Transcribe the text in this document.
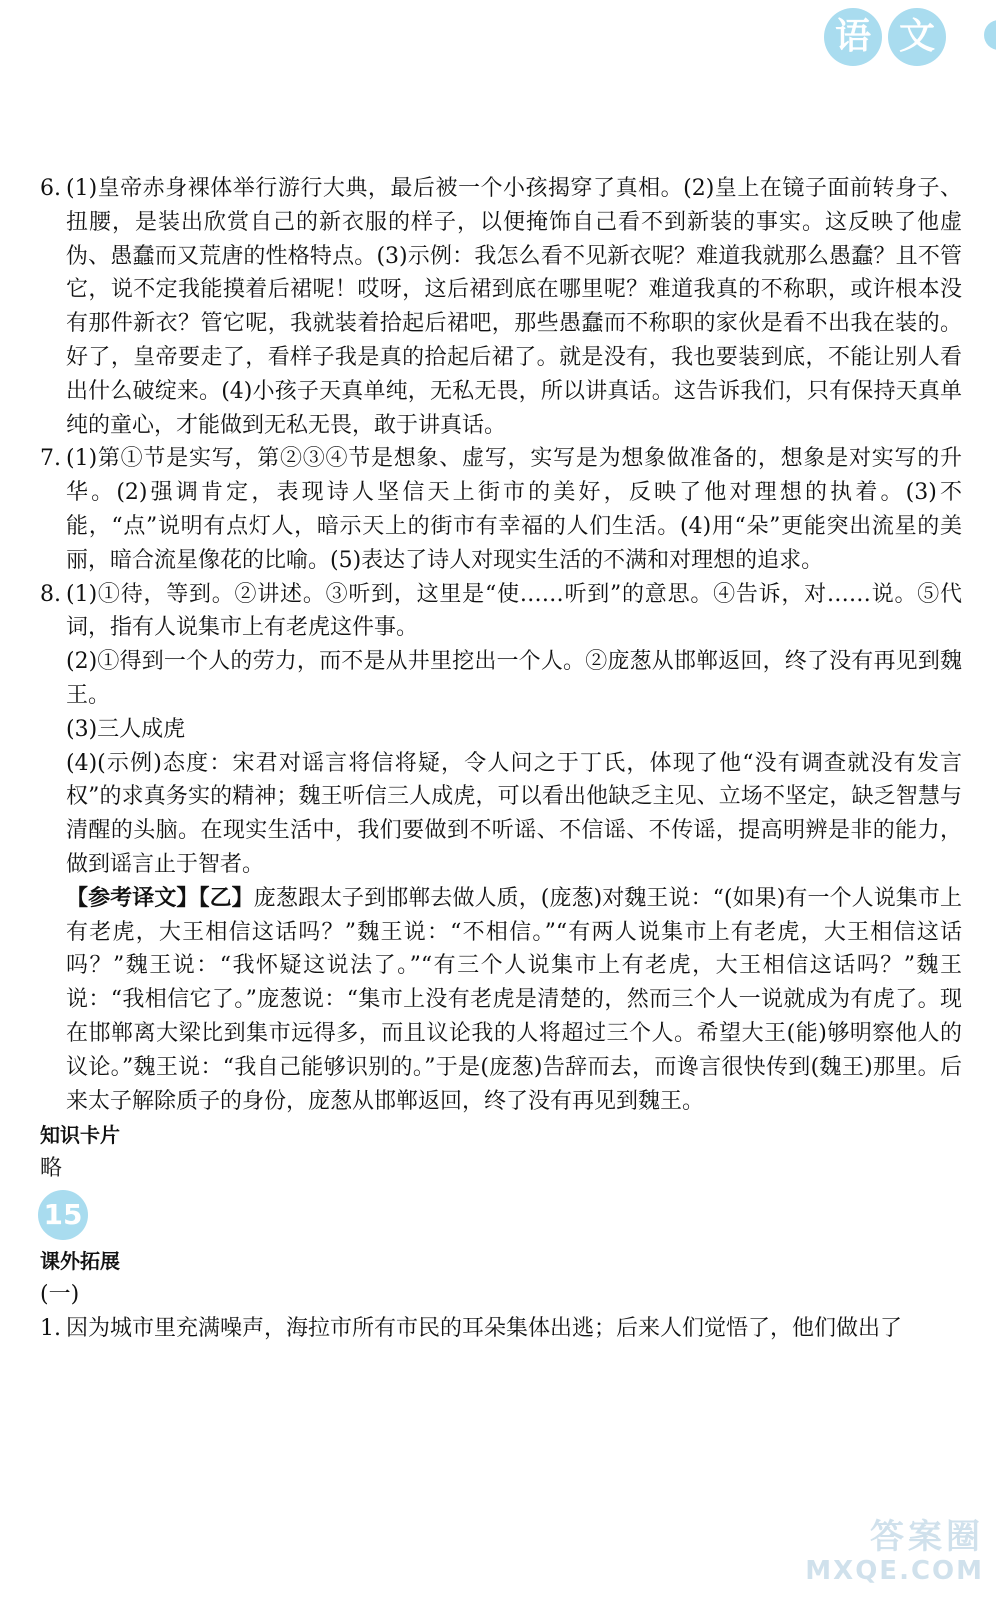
语 文
6. (1)皇帝赤身裸体举行游行大典，最后被一个小孩揭穿了真相。(2)皇上在镜子面前转身子、扭腰，是装出欣赏自己的新衣服的样子，以便掩饰自己看不到新装的事实。这反映了他虚伪、愚蠢而又荒唐的性格特点。(3)示例：我怎么看不见新衣呢？难道我就那么愚蠢？且不管它，说不定我能摸着后裙呢！哎呀，这后裙到底在哪里呢？难道我真的不称职，或许根本没有那件新衣？管它呢，我就装着拾起后裙吧，那些愚蠢而不称职的家伙是看不出我在装的。好了，皇帝要走了，看样子我是真的拾起后裙了。就是没有，我也要装到底，不能让别人看出什么破绽来。(4)小孩子天真单纯，无私无畏，所以讲真话。这告诉我们，只有保持天真单纯的童心，才能做到无私无畏，敢于讲真话。
7. (1)第①节是实写，第②③④节是想象、虚写，实写是为想象做准备的，想象是对实写的升华。(2)强调肯定，表现诗人坚信天上街市的美好，反映了他对理想的执着。(3)不能，“点”说明有点灯人，暗示天上的街市有幸福的人们生活。(4)用“朵”更能突出流星的美丽，暗合流星像花的比喻。(5)表达了诗人对现实生活的不满和对理想的追求。
8. (1)①待，等到。②讲述。③听到，这里是“使……听到”的意思。④告诉，对……说。⑤代词，指有人说集市上有老虎这件事。
(2)①得到一个人的劳力，而不是从井里挖出一个人。②庞葱从邯郸返回，终了没有再见到魏王。
(3)三人成虎
(4)(示例)态度：宋君对谣言将信将疑，令人问之于丁氏，体现了他“没有调查就没有发言权”的求真务实的精神；魏王听信三人成虎，可以看出他缺乏主见、立场不坚定，缺乏智慧与清醒的头脑。在现实生活中，我们要做到不听谣、不信谣、不传谣，提高明辨是非的能力，做到谣言止于智者。
【参考译文】【乙】庞葱跟太子到邯郸去做人质，(庞葱)对魏王说：“(如果)有一个人说集市上有老虎，大王相信这话吗？”魏王说：“不相信。”“有两人说集市上有老虎，大王相信这话吗？”魏王说：“我怀疑这说法了。”“有三个人说集市上有老虎，大王相信这话吗？”魏王说：“我相信它了。”庞葱说：“集市上没有老虎是清楚的，然而三个人一说就成为有虎了。现在邯郸离大梁比到集市远得多，而且议论我的人将超过三个人。希望大王(能)够明察他人的议论。”魏王说：“我自己能够识别的。”于是(庞葱)告辞而去，而谗言很快传到(魏王)那里。后来太子解除质子的身份，庞葱从邯郸返回，终了没有再见到魏王。

知识卡片

略

15

课外拓展

(一)

1. 因为城市里充满噪声，海拉市所有市民的耳朵集体出逃；后来人们觉悟了，他们做出了
答案圈
MXQE.COM
